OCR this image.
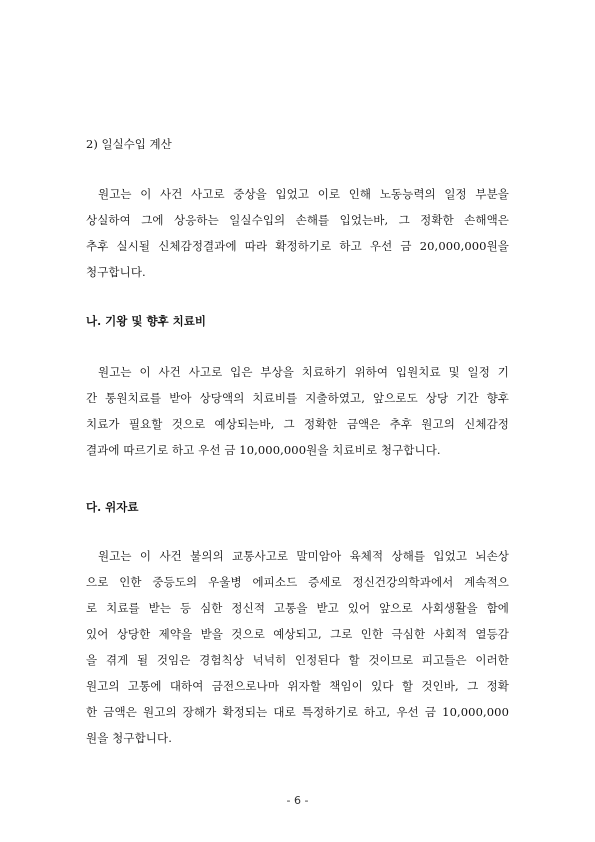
2) 일실수입 계산
원고는 이 사건 사고로 중상을 입었고 이로 인해 노동능력의 일정 부분을
상실하여 그에 상응하는 일실수입의 손해를 입었는바, 그 정확한 손해액은
추후 실시될 신체감정결과에 따라 확정하기로 하고 우선 금 20,000,000원을
청구합니다.
나. 기왕 및 향후 치료비
원고는 이 사건 사고로 입은 부상을 치료하기 위하여 입원치료 및 일정 기
간 통원치료를 받아 상당액의 치료비를 지출하였고, 앞으로도 상당 기간 향후
치료가 필요할 것으로 예상되는바, 그 정확한 금액은 추후 원고의 신체감정
결과에 따르기로 하고 우선 금 10,000,000원을 치료비로 청구합니다.
다. 위자료
원고는 이 사건 불의의 교통사고로 말미암아 육체적 상해를 입었고 뇌손상
으로 인한 중등도의 우울병 에피소드 증세로 정신건강의학과에서 계속적으
로 치료를 받는 등 심한 정신적 고통을 받고 있어 앞으로 사회생활을 함에
있어 상당한 제약을 받을 것으로 예상되고, 그로 인한 극심한 사회적 열등감
을 겪게 될 것임은 경험칙상 넉넉히 인정된다 할 것이므로 피고들은 이러한
원고의 고통에 대하여 금전으로나마 위자할 책임이 있다 할 것인바, 그 정확
한 금액은 원고의 장해가 확정되는 대로 특정하기로 하고, 우선 금 10,000,000
원을 청구합니다.
- 6 -
